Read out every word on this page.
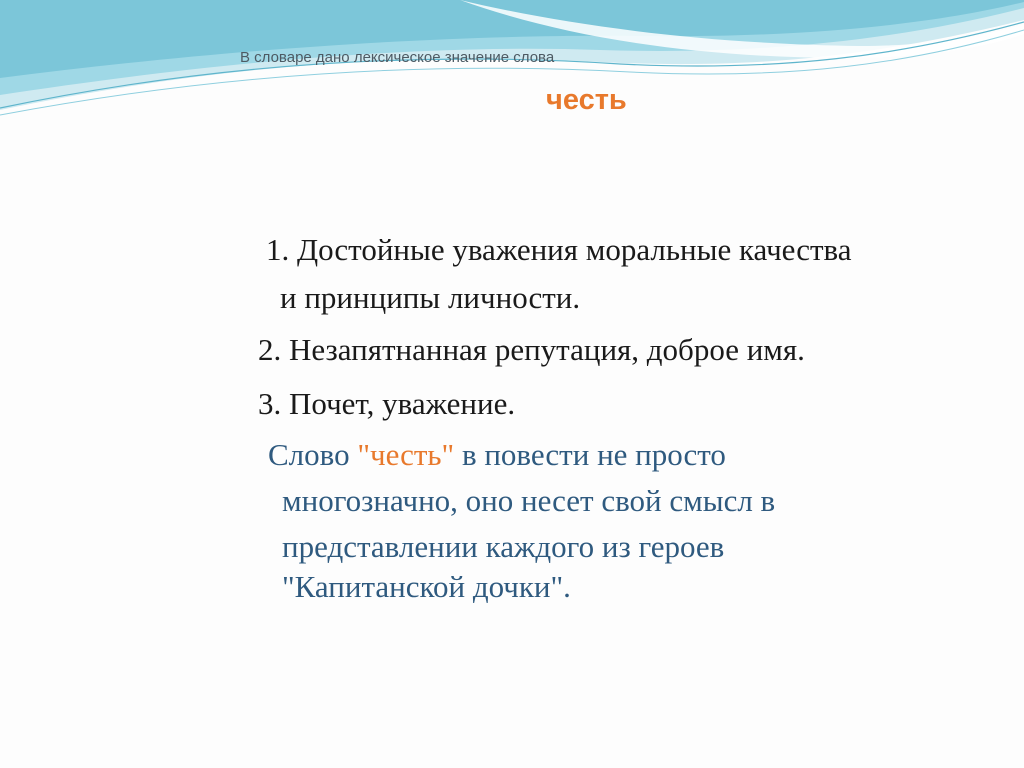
В словаре дано лексическое значение слова
честь
1. Достойные уважения моральные качества
и принципы личности.
2. Незапятнанная репутация, доброе имя.
3. Почет, уважение.
Слово "честь" в повести не просто
многозначно, оно несет свой смысл в
представлении каждого из героев
"Капитанской дочки".
